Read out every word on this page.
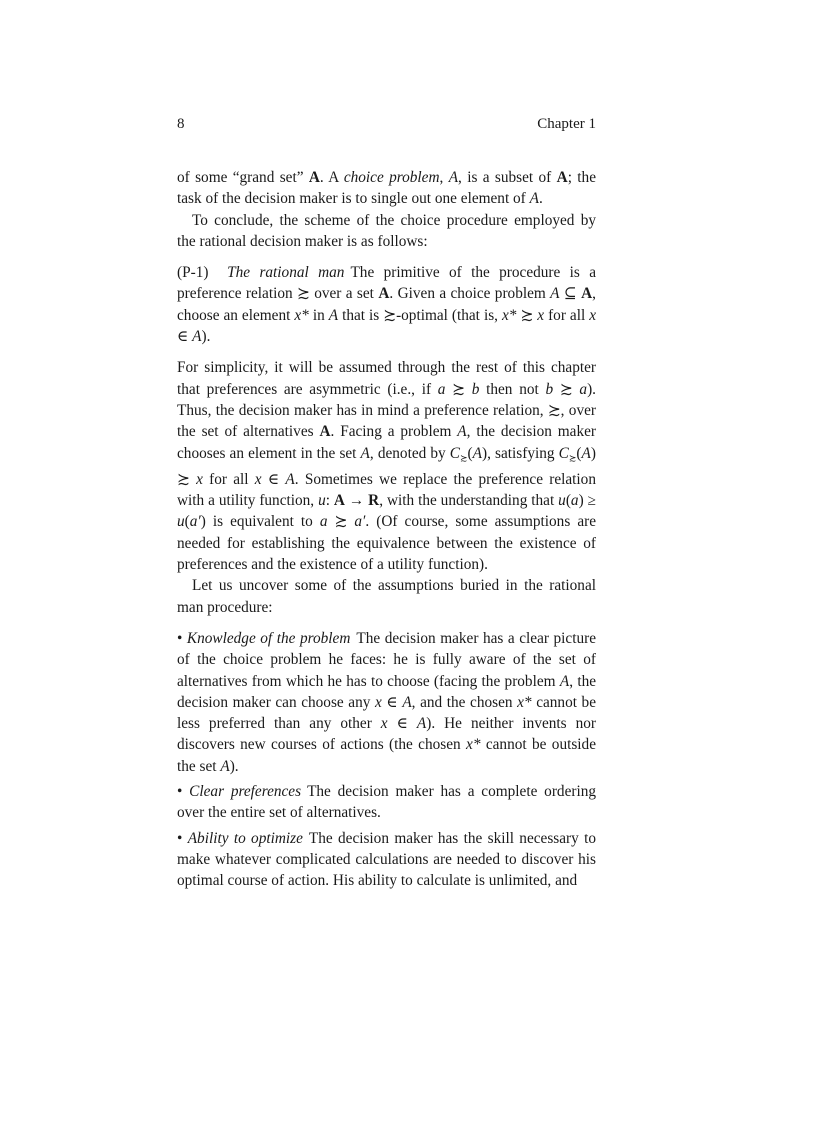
8	Chapter 1

of some “grand set” A. A choice problem, A, is a subset of A; the task of the decision maker is to single out one element of A.

To conclude, the scheme of the choice procedure employed by the rational decision maker is as follows:

(P-1) The rational man The primitive of the procedure is a preference relation ≿ over a set A. Given a choice problem A ⊆ A, choose an element x* in A that is ≿-optimal (that is, x* ≿ x for all x ∈ A).

For simplicity, it will be assumed through the rest of this chapter that preferences are asymmetric (i.e., if a ≿ b then not b ≿ a). Thus, the decision maker has in mind a preference relation, ≿, over the set of alternatives A. Facing a problem A, the decision maker chooses an element in the set A, denoted by $C_≿(A)$, satisfying $C_≿(A)$ ≿ x for all x ∈ A. Sometimes we replace the preference relation with a utility function, u: A → R, with the understanding that u(a) ≥ u(a′) is equivalent to a ≿ a′. (Of course, some assumptions are needed for establishing the equivalence between the existence of preferences and the existence of a utility function).

Let us uncover some of the assumptions buried in the rational man procedure:

• Knowledge of the problem The decision maker has a clear picture of the choice problem he faces: he is fully aware of the set of alternatives from which he has to choose (facing the problem A, the decision maker can choose any x ∈ A, and the chosen x* cannot be less preferred than any other x ∈ A). He neither invents nor discovers new courses of actions (the chosen x* cannot be outside the set A).

• Clear preferences The decision maker has a complete ordering over the entire set of alternatives.

• Ability to optimize The decision maker has the skill necessary to make whatever complicated calculations are needed to discover his optimal course of action. His ability to calculate is unlimited, and
